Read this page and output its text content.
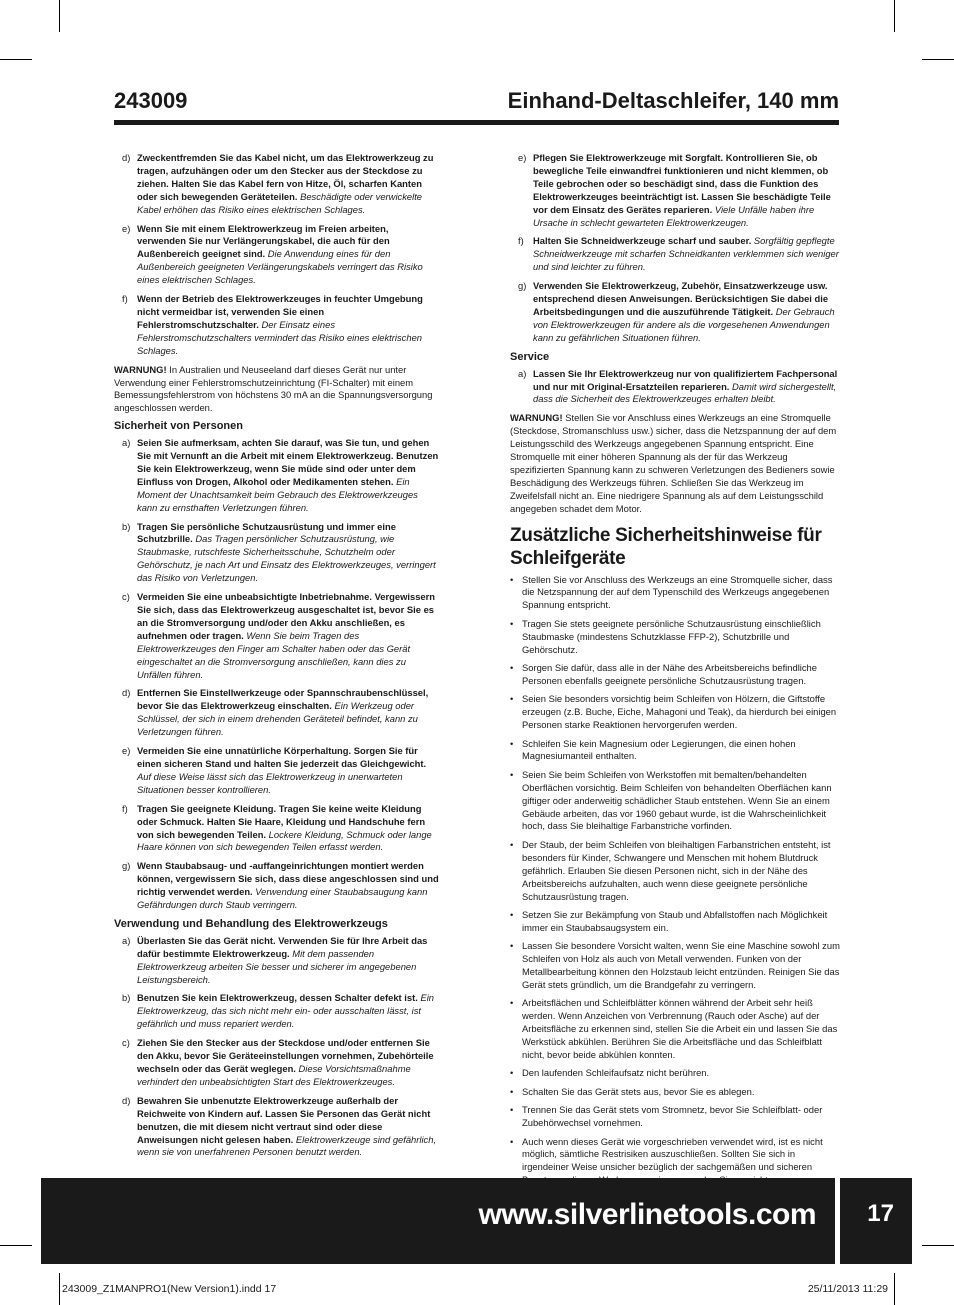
243009	Einhand-Deltaschleifer, 140 mm
d) Zweckentfremden Sie das Kabel nicht, um das Elektrowerkzeug zu tragen, aufzuhängen oder um den Stecker aus der Steckdose zu ziehen. Halten Sie das Kabel fern von Hitze, Öl, scharfen Kanten oder sich bewegenden Geräteteilen. Beschädigte oder verwickelte Kabel erhöhen das Risiko eines elektrischen Schlages.
e) Wenn Sie mit einem Elektrowerkzeug im Freien arbeiten, verwenden Sie nur Verlängerungskabel, die auch für den Außenbereich geeignet sind. Die Anwendung eines für den Außenbereich geeigneten Verlängerungskabels verringert das Risiko eines elektrischen Schlages.
f) Wenn der Betrieb des Elektrowerkzeuges in feuchter Umgebung nicht vermeidbar ist, verwenden Sie einen Fehlerstromschutzschalter. Der Einsatz eines Fehlerstromschutzschalters vermindert das Risiko eines elektrischen Schlages.
WARNUNG! In Australien und Neuseeland darf dieses Gerät nur unter Verwendung einer Fehlerstromschutzeinrichtung (FI-Schalter) mit einem Bemessungsfehlerstrom von höchstens 30 mA an die Spannungsversorgung angeschlossen werden.
Sicherheit von Personen
a) Seien Sie aufmerksam, achten Sie darauf, was Sie tun, und gehen Sie mit Vernunft an die Arbeit mit einem Elektrowerkzeug. Benutzen Sie kein Elektrowerkzeug, wenn Sie müde sind oder unter dem Einfluss von Drogen, Alkohol oder Medikamenten stehen. Ein Moment der Unachtsamkeit beim Gebrauch des Elektrowerkzeuges kann zu ernsthaften Verletzungen führen.
b) Tragen Sie persönliche Schutzausrüstung und immer eine Schutzbrille. Das Tragen persönlicher Schutzausrüstung, wie Staubmaske, rutschfeste Sicherheitsschuhe, Schutzhelm oder Gehörschutz, je nach Art und Einsatz des Elektrowerkzeuges, verringert das Risiko von Verletzungen.
c) Vermeiden Sie eine unbeabsichtigte Inbetriebnahme. Vergewissern Sie sich, dass das Elektrowerkzeug ausgeschaltet ist, bevor Sie es an die Stromversorgung und/oder den Akku anschließen, es aufnehmen oder tragen. Wenn Sie beim Tragen des Elektrowerkzeuges den Finger am Schalter haben oder das Gerät eingeschaltet an die Stromversorgung anschließen, kann dies zu Unfällen führen.
d) Entfernen Sie Einstellwerkzeuge oder Spannschraubenschlüssel, bevor Sie das Elektrowerkzeug einschalten. Ein Werkzeug oder Schlüssel, der sich in einem drehenden Geräteteil befindet, kann zu Verletzungen führen.
e) Vermeiden Sie eine unnatürliche Körperhaltung. Sorgen Sie für einen sicheren Stand und halten Sie jederzeit das Gleichgewicht. Auf diese Weise lässt sich das Elektrowerkzeug in unerwarteten Situationen besser kontrollieren.
f) Tragen Sie geeignete Kleidung. Tragen Sie keine weite Kleidung oder Schmuck. Halten Sie Haare, Kleidung und Handschuhe fern von sich bewegenden Teilen. Lockere Kleidung, Schmuck oder lange Haare können von sich bewegenden Teilen erfasst werden.
g) Wenn Staubabsaug- und -auffangeinrichtungen montiert werden können, vergewissern Sie sich, dass diese angeschlossen sind und richtig verwendet werden. Verwendung einer Staubabsaugung kann Gefährdungen durch Staub verringern.
Verwendung und Behandlung des Elektrowerkzeugs
a) Überlasten Sie das Gerät nicht. Verwenden Sie für Ihre Arbeit das dafür bestimmte Elektrowerkzeug. Mit dem passenden Elektrowerkzeug arbeiten Sie besser und sicherer im angegebenen Leistungsbereich.
b) Benutzen Sie kein Elektrowerkzeug, dessen Schalter defekt ist. Ein Elektrowerkzeug, das sich nicht mehr ein- oder ausschalten lässt, ist gefährlich und muss repariert werden.
c) Ziehen Sie den Stecker aus der Steckdose und/oder entfernen Sie den Akku, bevor Sie Geräteeinstellungen vornehmen, Zubehörteile wechseln oder das Gerät weglegen. Diese Vorsichtsmaßnahme verhindert den unbeabsichtigten Start des Elektrowerkzeuges.
d) Bewahren Sie unbenutzte Elektrowerkzeuge außerhalb der Reichweite von Kindern auf. Lassen Sie Personen das Gerät nicht benutzen, die mit diesem nicht vertraut sind oder diese Anweisungen nicht gelesen haben. Elektrowerkzeuge sind gefährlich, wenn sie von unerfahrenen Personen benutzt werden.
e) Pflegen Sie Elektrowerkzeuge mit Sorgfalt. Kontrollieren Sie, ob bewegliche Teile einwandfrei funktionieren und nicht klemmen, ob Teile gebrochen oder so beschädigt sind, dass die Funktion des Elektrowerkzeuges beeinträchtigt ist. Lassen Sie beschädigte Teile vor dem Einsatz des Gerätes reparieren. Viele Unfälle haben ihre Ursache in schlecht gewarteten Elektrowerkzeugen.
f) Halten Sie Schneidwerkzeuge scharf und sauber. Sorgfältig gepflegte Schneidwerkzeuge mit scharfen Schneidkanten verklemmen sich weniger und sind leichter zu führen.
g) Verwenden Sie Elektrowerkzeug, Zubehör, Einsatzwerkzeuge usw. entsprechend diesen Anweisungen. Berücksichtigen Sie dabei die Arbeitsbedingungen und die auszuführende Tätigkeit. Der Gebrauch von Elektrowerkzeugen für andere als die vorgesehenen Anwendungen kann zu gefährlichen Situationen führen.
Service
a) Lassen Sie Ihr Elektrowerkzeug nur von qualifiziertem Fachpersonal und nur mit Original-Ersatzteilen reparieren. Damit wird sichergestellt, dass die Sicherheit des Elektrowerkzeuges erhalten bleibt.
WARNUNG! Stellen Sie vor Anschluss eines Werkzeugs an eine Stromquelle (Steckdose, Stromanschluss usw.) sicher, dass die Netzspannung der auf dem Leistungsschild des Werkzeugs angegebenen Spannung entspricht. Eine Stromquelle mit einer höheren Spannung als der für das Werkzeug spezifizierten Spannung kann zu schweren Verletzungen des Bedieners sowie Beschädigung des Werkzeugs führen. Schließen Sie das Werkzeug im Zweifelsfall nicht an. Eine niedrigere Spannung als auf dem Leistungsschild angegeben schadet dem Motor.
Zusätzliche Sicherheitshinweise für Schleifgeräte
• Stellen Sie vor Anschluss des Werkzeugs an eine Stromquelle sicher, dass die Netzspannung der auf dem Typenschild des Werkzeugs angegebenen Spannung entspricht.
• Tragen Sie stets geeignete persönliche Schutzausrüstung einschließlich Staubmaske (mindestens Schutzklasse FFP-2), Schutzbrille und Gehörschutz.
• Sorgen Sie dafür, dass alle in der Nähe des Arbeitsbereichs befindliche Personen ebenfalls geeignete persönliche Schutzausrüstung tragen.
• Seien Sie besonders vorsichtig beim Schleifen von Hölzern, die Giftstoffe erzeugen (z.B. Buche, Eiche, Mahagoni und Teak), da hierdurch bei einigen Personen starke Reaktionen hervorgerufen werden.
• Schleifen Sie kein Magnesium oder Legierungen, die einen hohen Magnesiumanteil enthalten.
• Seien Sie beim Schleifen von Werkstoffen mit bemalten/behandelten Oberflächen vorsichtig. Beim Schleifen von behandelten Oberflächen kann giftiger oder anderweitig schädlicher Staub entstehen. Wenn Sie an einem Gebäude arbeiten, das vor 1960 gebaut wurde, ist die Wahrscheinlichkeit hoch, dass Sie bleihaltige Farbanstriche vorfinden.
• Der Staub, der beim Schleifen von bleihaltigen Farbanstrichen entsteht, ist besonders für Kinder, Schwangere und Menschen mit hohem Blutdruck gefährlich. Erlauben Sie diesen Personen nicht, sich in der Nähe des Arbeitsbereichs aufzuhalten, auch wenn diese geeignete persönliche Schutzausrüstung tragen.
• Setzen Sie zur Bekämpfung von Staub und Abfallstoffen nach Möglichkeit immer ein Staubabsaugsystem ein.
• Lassen Sie besondere Vorsicht walten, wenn Sie eine Maschine sowohl zum Schleifen von Holz als auch von Metall verwenden. Funken von der Metallbearbeitung können den Holzstaub leicht entzünden. Reinigen Sie das Gerät stets gründlich, um die Brandgefahr zu verringern.
• Arbeitsflächen und Schleifblätter können während der Arbeit sehr heiß werden. Wenn Anzeichen von Verbrennung (Rauch oder Asche) auf der Arbeitsfläche zu erkennen sind, stellen Sie die Arbeit ein und lassen Sie das Werkstück abkühlen. Berühren Sie die Arbeitsfläche und das Schleifblatt nicht, bevor beide abkühlen konnten.
• Den laufenden Schleifaufsatz nicht berühren.
• Schalten Sie das Gerät stets aus, bevor Sie es ablegen.
• Trennen Sie das Gerät stets vom Stromnetz, bevor Sie Schleifblatt- oder Zubehörwechsel vornehmen.
• Auch wenn dieses Gerät wie vorgeschrieben verwendet wird, ist es nicht möglich, sämtliche Restrisiken auszuschließen. Sollten Sie sich in irgendeiner Weise unsicher bezüglich der sachgemäßen und sicheren
www.silverlinetools.com 17
243009_Z1MANPRO1(New Version1).indd 17	25/11/2013 11:29
